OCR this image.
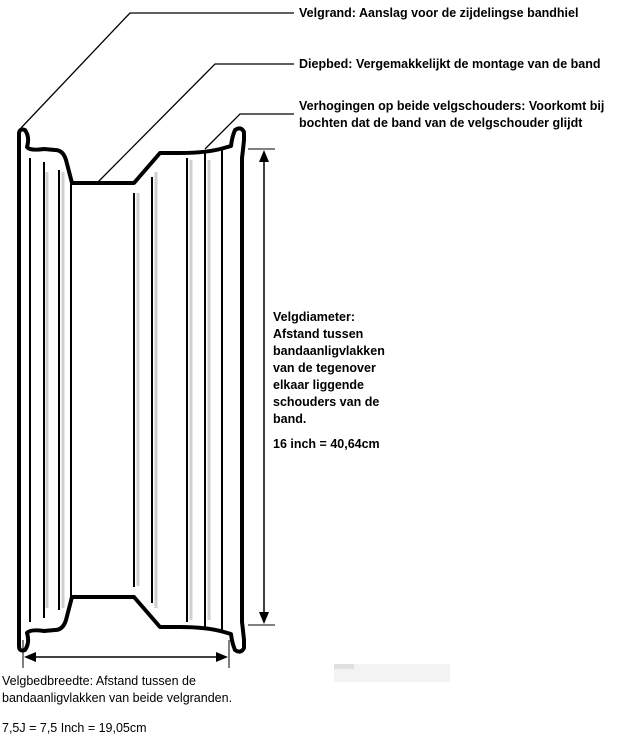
Velgrand: Aanslag voor de zijdelingse bandhiel
Diepbed: Vergemakkelijkt de montage van de band
Verhogingen op beide velgschouders: Voorkomt bij
bochten dat de band van de velgschouder glijdt
Velgdiameter:
Afstand tussen
bandaanligvlakken
van de tegenover
elkaar liggende
schouders van de
band.
16 inch = 40,64cm
Velgbedbreedte: Afstand tussen de
bandaanligvlakken van beide velgranden.
7,5J = 7,5 Inch = 19,05cm
